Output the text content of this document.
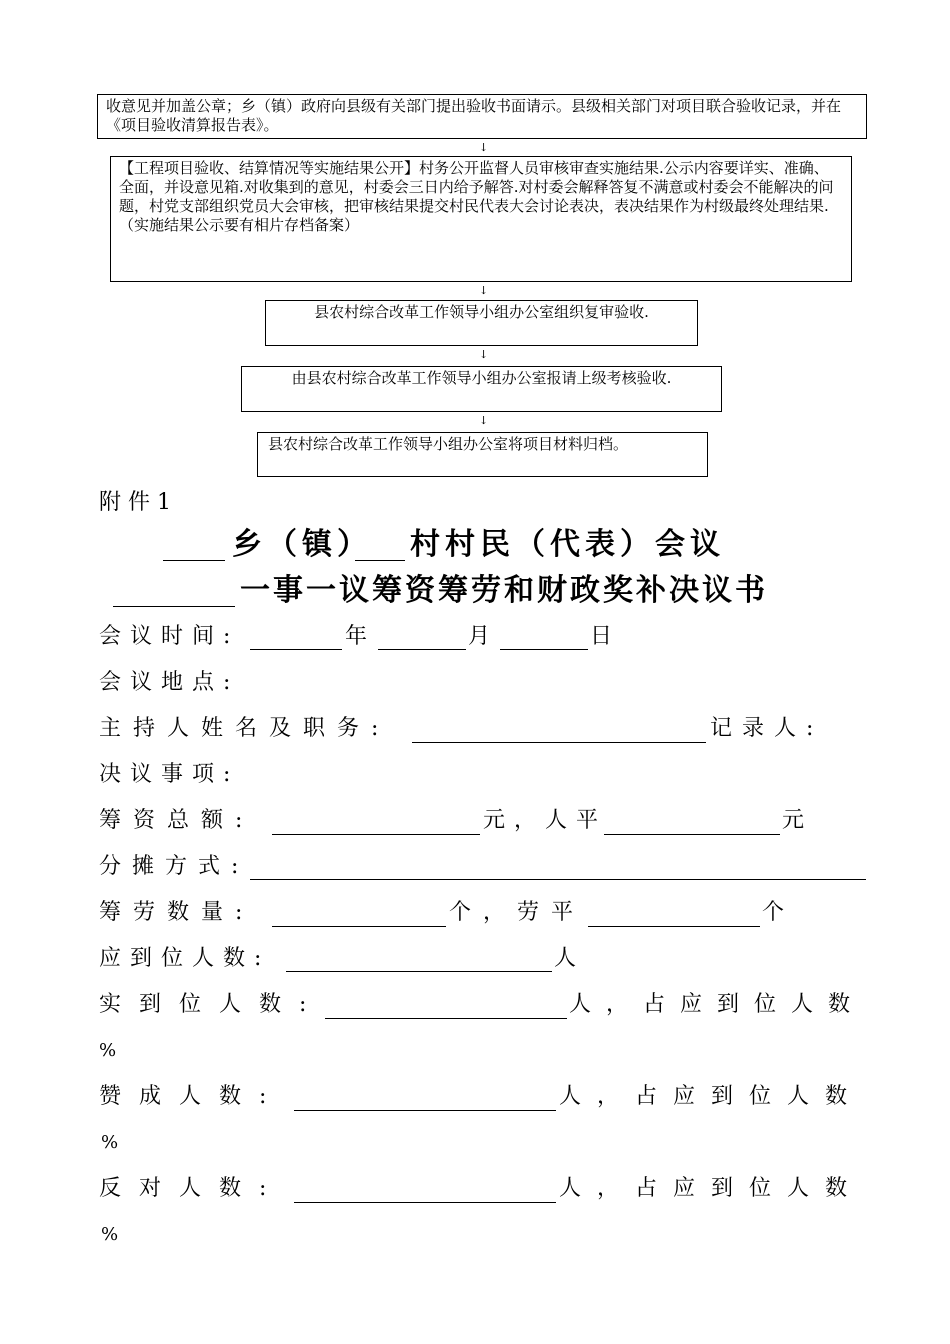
收意见并加盖公章；乡（镇）政府向县级有关部门提出验收书面请示。县级相关部门对项目联合验收记录，并在《项目验收清算报告表》。
↓
【工程项目验收、结算情况等实施结果公开】村务公开监督人员审核审查实施结果.公示内容要详实、准确、全面，并设意见箱.对收集到的意见，村委会三日内给予解答.对村委会解释答复不满意或村委会不能解决的问题，村党支部组织党员大会审核，把审核结果提交村民代表大会讨论表决，表决结果作为村级最终处理结果.（实施结果公示要有相片存档备案）
↓
县农村综合改革工作领导小组办公室组织复审验收.
↓
由县农村综合改革工作领导小组办公室报请上级考核验收.
↓
县农村综合改革工作领导小组办公室将项目材料归档。
附件1
乡（镇） 村村民（代表）会议
一事一议筹资筹劳和财政奖补决议书
会议时间:	年	月	日
会议地点:
主持人姓名及职务:	记录人:
决议事项:
筹资总额:	元，人平	元
分摊方式:
筹劳数量:	个，劳平	个
应到位人数:	人
实到位人数:	人，占应到位人数
%
赞成人数:	人，占应到位人数
%
反对人数:	人，占应到位人数
%
